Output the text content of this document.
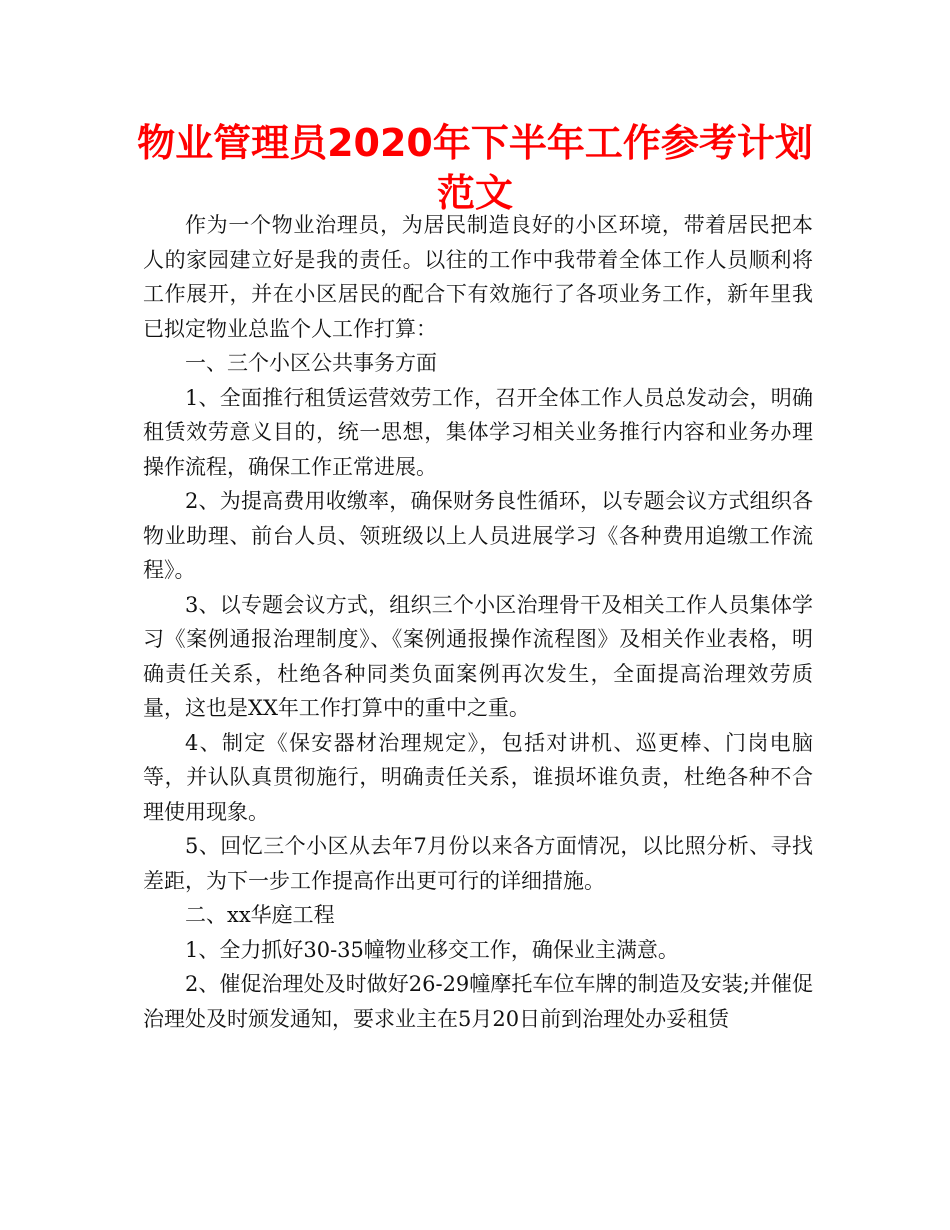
物业管理员2020年下半年工作参考计划范文

作为一个物业治理员，为居民制造良好的小区环境，带着居民把本人的家园建立好是我的责任。以往的工作中我带着全体工作人员顺利将工作展开，并在小区居民的配合下有效施行了各项业务工作，新年里我已拟定物业总监个人工作打算：

一、三个小区公共事务方面

1、全面推行租赁运营效劳工作，召开全体工作人员总发动会，明确租赁效劳意义目的，统一思想，集体学习相关业务推行内容和业务办理操作流程，确保工作正常进展。

2、为提高费用收缴率，确保财务良性循环，以专题会议方式组织各物业助理、前台人员、领班级以上人员进展学习《各种费用追缴工作流程》。

3、以专题会议方式，组织三个小区治理骨干及相关工作人员集体学习《案例通报治理制度》、《案例通报操作流程图》及相关作业表格，明确责任关系，杜绝各种同类负面案例再次发生，全面提高治理效劳质量，这也是XX年工作打算中的重中之重。

4、制定《保安器材治理规定》，包括对讲机、巡更棒、门岗电脑等，并认队真贯彻施行，明确责任关系，谁损坏谁负责，杜绝各种不合理使用现象。

5、回忆三个小区从去年7月份以来各方面情况，以比照分析、寻找差距，为下一步工作提高作出更可行的详细措施。

二、xx华庭工程

1、全力抓好30-35幢物业移交工作，确保业主满意。

2、催促治理处及时做好26-29幢摩托车位车牌的制造及安装;并催促治理处及时颁发通知，要求业主在5月20日前到治理处办妥租赁
